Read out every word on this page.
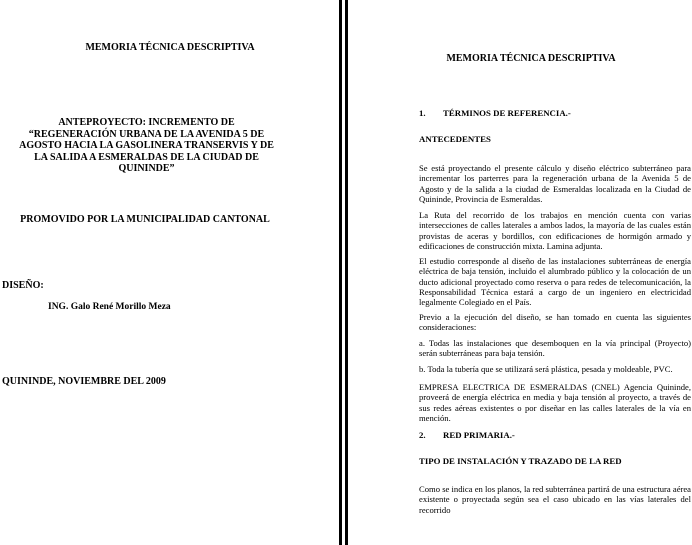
MEMORIA TÉCNICA DESCRIPTIVA

ANTEPROYECTO: INCREMENTO DE “REGENERACIÓN URBANA DE LA AVENIDA 5 DE AGOSTO HACIA LA GASOLINERA TRANSERVIS Y DE LA SALIDA A ESMERALDAS DE LA CIUDAD DE QUININDE”

PROMOVIDO POR LA MUNICIPALIDAD CANTONAL

DISEÑO:

ING. Galo René Morillo Meza

QUININDE, NOVIEMBRE DEL 2009

MEMORIA TÉCNICA DESCRIPTIVA

1. TÉRMINOS DE REFERENCIA.-

ANTECEDENTES

Se está proyectando el presente cálculo y diseño eléctrico subterráneo para incrementar los parterres para la regeneración urbana de la Avenida 5 de Agosto y de la salida a la ciudad de Esmeraldas localizada en la Ciudad de Quininde, Provincia de Esmeraldas.

La Ruta del recorrido de los trabajos en mención cuenta con varias intersecciones de calles laterales a ambos lados, la mayoría de las cuales están provistas de aceras y bordillos, con edificaciones de hormigón armado y edificaciones de construcción mixta. Lamina adjunta.

El estudio corresponde al diseño de las instalaciones subterráneas de energía eléctrica de baja tensión, incluido el alumbrado público y la colocación de un ducto adicional proyectado como reserva o para redes de telecomunicación, la Responsabilidad Técnica estará a cargo de un ingeniero en electricidad legalmente Colegiado en el País.

Previo a la ejecución del diseño, se han tomado en cuenta las siguientes consideraciones:

a. Todas las instalaciones que desemboquen en la vía principal (Proyecto) serán subterráneas para baja tensión.

b. Toda la tubería que se utilizará será plástica, pesada y moldeable, PVC.

EMPRESA ELECTRICA DE ESMERALDAS (CNEL) Agencia Quininde, proveerá de energía eléctrica en media y baja tensión al proyecto, a través de sus redes aéreas existentes o por diseñar en las calles laterales de la vía en mención.

2. RED PRIMARIA.-

TIPO DE INSTALACIÓN Y TRAZADO DE LA RED

Como se indica en los planos, la red subterránea partirá de una estructura aérea existente o proyectada según sea el caso ubicado en las vías laterales del recorrido
